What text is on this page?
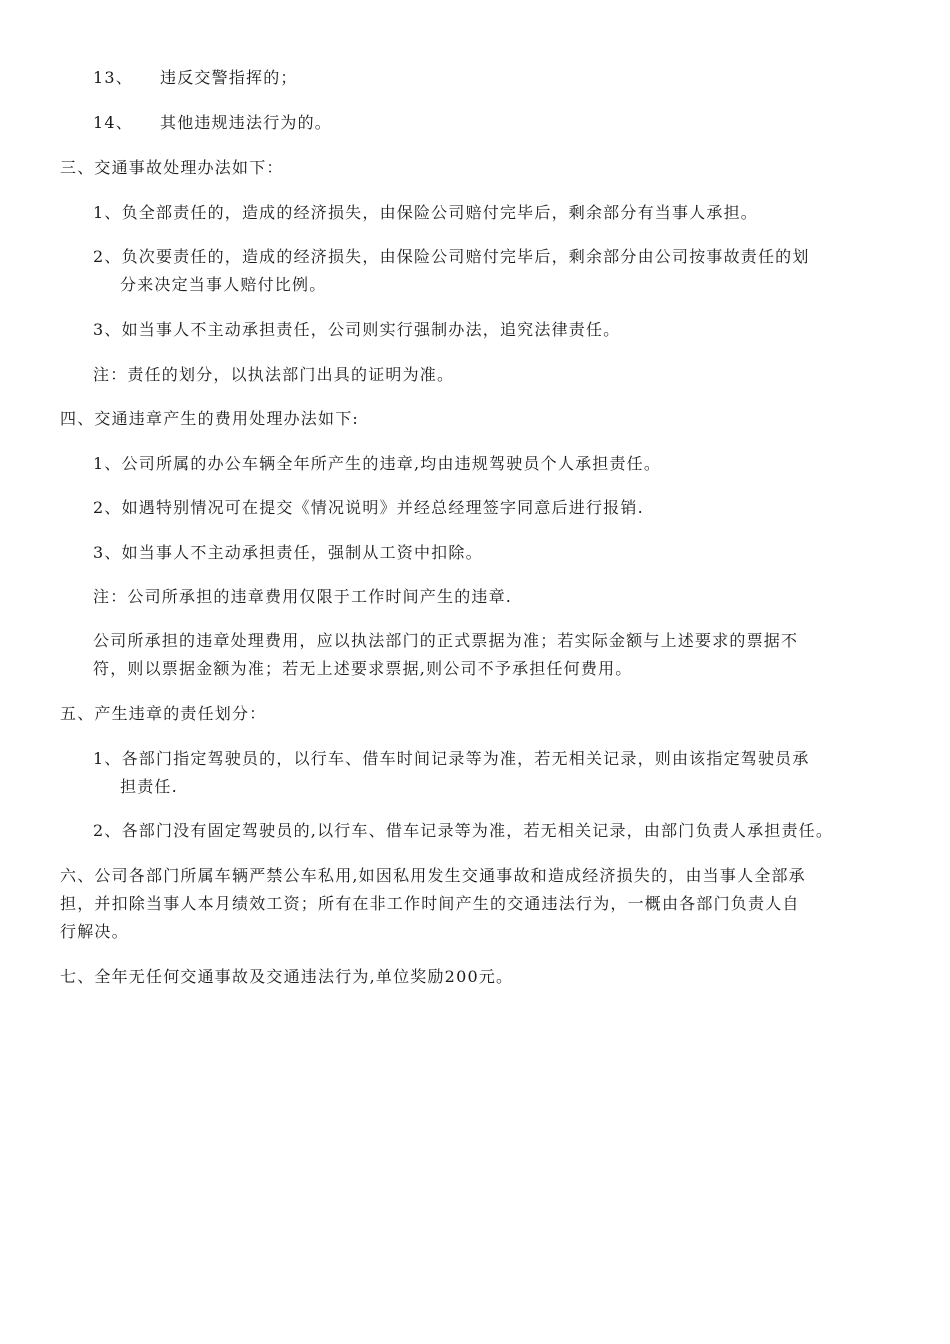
13、 违反交警指挥的；
14、 其他违规违法行为的。
三、交通事故处理办法如下：
1、负全部责任的，造成的经济损失，由保险公司赔付完毕后，剩余部分有当事人承担。
2、负次要责任的，造成的经济损失，由保险公司赔付完毕后，剩余部分由公司按事故责任的划
分来决定当事人赔付比例。
3、如当事人不主动承担责任，公司则实行强制办法，追究法律责任。
注：责任的划分，以执法部门出具的证明为准。
四、交通违章产生的费用处理办法如下:
1、公司所属的办公车辆全年所产生的违章,均由违规驾驶员个人承担责任。
2、如遇特别情况可在提交《情况说明》并经总经理签字同意后进行报销.
3、如当事人不主动承担责任，强制从工资中扣除。
注：公司所承担的违章费用仅限于工作时间产生的违章.
公司所承担的违章处理费用，应以执法部门的正式票据为准；若实际金额与上述要求的票据不
符，则以票据金额为准；若无上述要求票据,则公司不予承担任何费用。
五、产生违章的责任划分：
1、各部门指定驾驶员的，以行车、借车时间记录等为准，若无相关记录，则由该指定驾驶员承
担责任.
2、各部门没有固定驾驶员的,以行车、借车记录等为准，若无相关记录，由部门负责人承担责任。
六、公司各部门所属车辆严禁公车私用,如因私用发生交通事故和造成经济损失的，由当事人全部承
担，并扣除当事人本月绩效工资；所有在非工作时间产生的交通违法行为，一概由各部门负责人自
行解决。
七、全年无任何交通事故及交通违法行为,单位奖励200元。
